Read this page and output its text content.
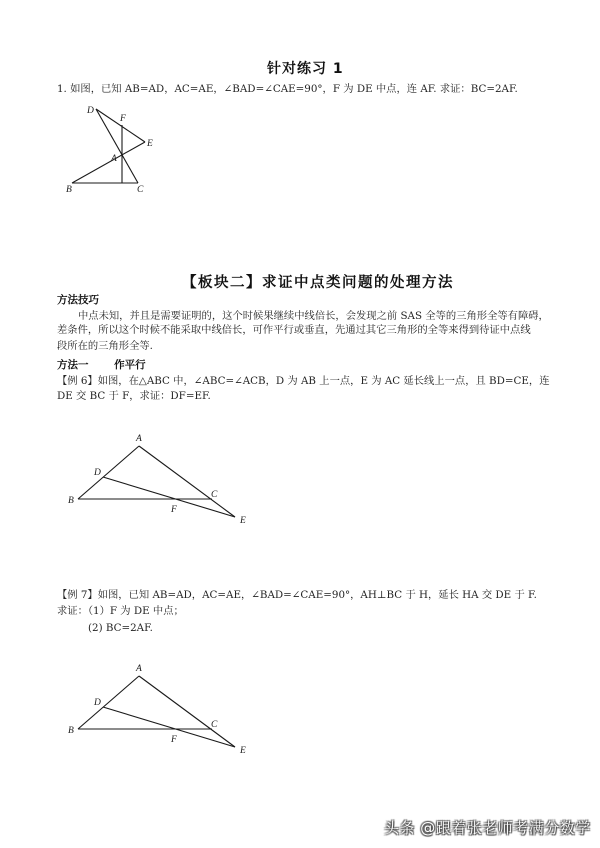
针对练习 1
1. 如图，已知 AB=AD，AC=AE，∠BAD=∠CAE=90°，F 为 DE 中点，连 AF. 求证：BC=2AF.
D
F
E
A
B	C
【板块二】求证中点类问题的处理方法
方法技巧
中点未知，并且是需要证明的，这个时候果继续中线倍长，会发现之前 SAS 全等的三角形全等有障碍，
差条件，所以这个时候不能采取中线倍长，可作平行或垂直，先通过其它三角形的全等来得到待证中点线
段所在的三角形全等.
方法一 作平行
【例 6】如图，在△ABC 中，∠ABC=∠ACB，D 为 AB 上一点，E 为 AC 延长线上一点，且 BD=CE，连
DE 交 BC 于 F，求证：DF=EF.
A
D
B
C
F
E
【例 7】如图，已知 AB=AD，AC=AE，∠BAD=∠CAE=90°，AH⊥BC 于 H，延长 HA 交 DE 于 F.
求证：（1）F 为 DE 中点；
(2) BC=2AF.
A
D
B
C
F
E
头条 @跟着张老师考满分数学
